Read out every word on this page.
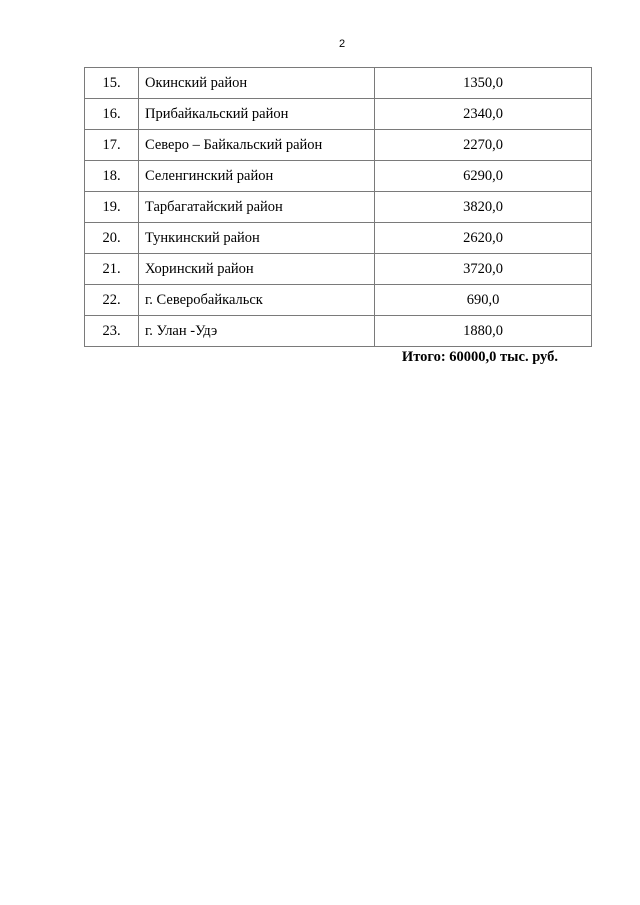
2
15.	Окинский район	1350,0
16.	Прибайкальский район	2340,0
17.	Северо – Байкальский район	2270,0
18.	Селенгинский район	6290,0
19.	Тарбагатайский район	3820,0
20.	Тункинский район	2620,0
21.	Хоринский район	3720,0
22.	г. Северобайкальск	690,0
23.	г. Улан -Удэ	1880,0
Итого: 60000,0 тыс. руб.
